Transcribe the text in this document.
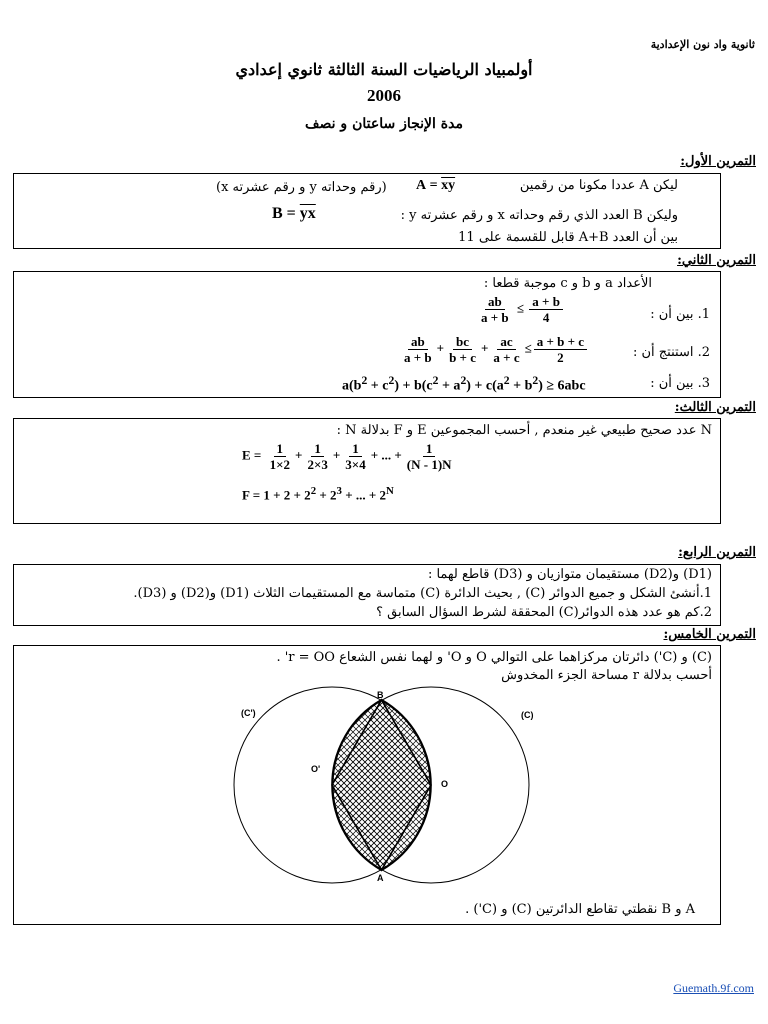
ثانوية واد نون الإعدادية
أولمبياد الرياضيات السنة الثالثة ثانوي إعدادي
2006
مدة الإنجاز ساعتان و نصف
التمرين الأول:
ليكن A عددا مكونا من رقمين
$A = \overline{xy}$
(رقم وحداته y و رقم عشرته x)
وليكن B العدد الذي رقم وحداته x و رقم عشرته y :
$B = \overline{yx}$
بين أن العدد A+B قابل للقسمة على 11
التمرين الثاني:
الأعداد a و b و c موجبة قطعا :
1. بين أن :
$\frac{ab}{a + b} \le \frac{a + b}{4}$
2. استنتج أن :
$\frac{ab}{a + b} + \frac{bc}{b + c} + \frac{ac}{a + c} \le \frac{a + b + c}{2}$
3. بين أن :
$a(b^2 + c^2) + b(c^2 + a^2) + c(a^2 + b^2) \ge 6abc$
التمرين الثالث:
N عدد صحيح طبيعي غير منعدم , أحسب المجموعين E و F بدلالة N :
$E = \frac{1}{1\times 2} + \frac{1}{2\times 3} + \frac{1}{3\times 4}$ + ... + $\frac{1}{(N - 1)N}$
$F = 1 + 2 + 2^2 + 2^3$ + ... + $2^N$
التمرين الرابع:
(D1) و(D2) مستقيمان متوازيان و (D3) قاطع لهما :
1.أنشئ الشكل و جميع الدوائر (C) , بحيث الدائرة (C) متماسة مع المستقيمات الثلاث (D1) و(D2) و (D3).
2.كم هو عدد هذه الدوائر(C) المحققة لشرط السؤال السابق ؟
التمرين الخامس:
(C) و (C') دائرتان مركزاهما على التوالي O و O' و لهما نفس الشعاع r = OO' .
أحسب بدلالة r مساحة الجزء المخدوش
(C')	(C)
B
A
O'
O
A و B نقطتي تقاطع الدائرتين (C) و (C') .
Guemath.9f.com
